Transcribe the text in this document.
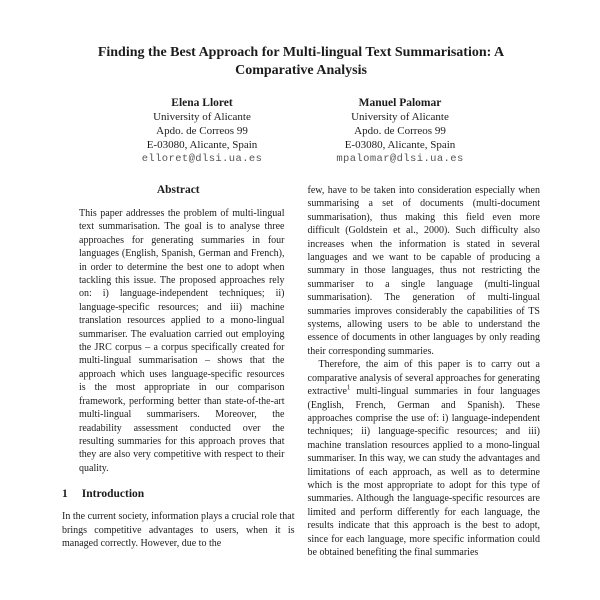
Finding the Best Approach for Multi-lingual Text Summarisation: A Comparative Analysis
Elena Lloret
University of Alicante
Apdo. de Correos 99
E-03080, Alicante, Spain
elloret@dlsi.ua.es
Manuel Palomar
University of Alicante
Apdo. de Correos 99
E-03080, Alicante, Spain
mpalomar@dlsi.ua.es
Abstract

This paper addresses the problem of multi-lingual text summarisation. The goal is to analyse three approaches for generating summaries in four languages (English, Spanish, German and French), in order to determine the best one to adopt when tackling this issue. The proposed approaches rely on: i) language-independent techniques; ii) language-specific resources; and iii) machine translation resources applied to a mono-lingual summariser. The evaluation carried out employing the JRC corpus – a corpus specifically created for multi-lingual summarisation – shows that the approach which uses language-specific resources is the most appropriate in our comparison framework, performing better than state-of-the-art multi-lingual summarisers. Moreover, the readability assessment conducted over the resulting summaries for this approach proves that they are also very competitive with respect to their quality.

1 Introduction

In the current society, information plays a crucial role that brings competitive advantages to users, when it is managed correctly. However, due to the

few, have to be taken into consideration especially when summarising a set of documents (multi-document summarisation), thus making this field even more difficult (Goldstein et al., 2000). Such difficulty also increases when the information is stated in several languages and we want to be capable of producing a summary in those languages, thus not restricting the summariser to a single language (multi-lingual summarisation). The generation of multi-lingual summaries improves considerably the capabilities of TS systems, allowing users to be able to understand the essence of documents in other languages by only reading their corresponding summaries.

Therefore, the aim of this paper is to carry out a comparative analysis of several approaches for generating extractive$^1$ multi-lingual summaries in four languages (English, French, German and Spanish). These approaches comprise the use of: i) language-independent techniques; ii) language-specific resources; and iii) machine translation resources applied to a mono-lingual summariser. In this way, we can study the advantages and limitations of each approach, as well as to determine which is the most appropriate to adopt for this type of summaries. Although the language-specific resources are limited and perform differently for each language, the results indicate that this approach is the best to adopt, since for each language, more specific information could be obtained benefiting the final summaries
